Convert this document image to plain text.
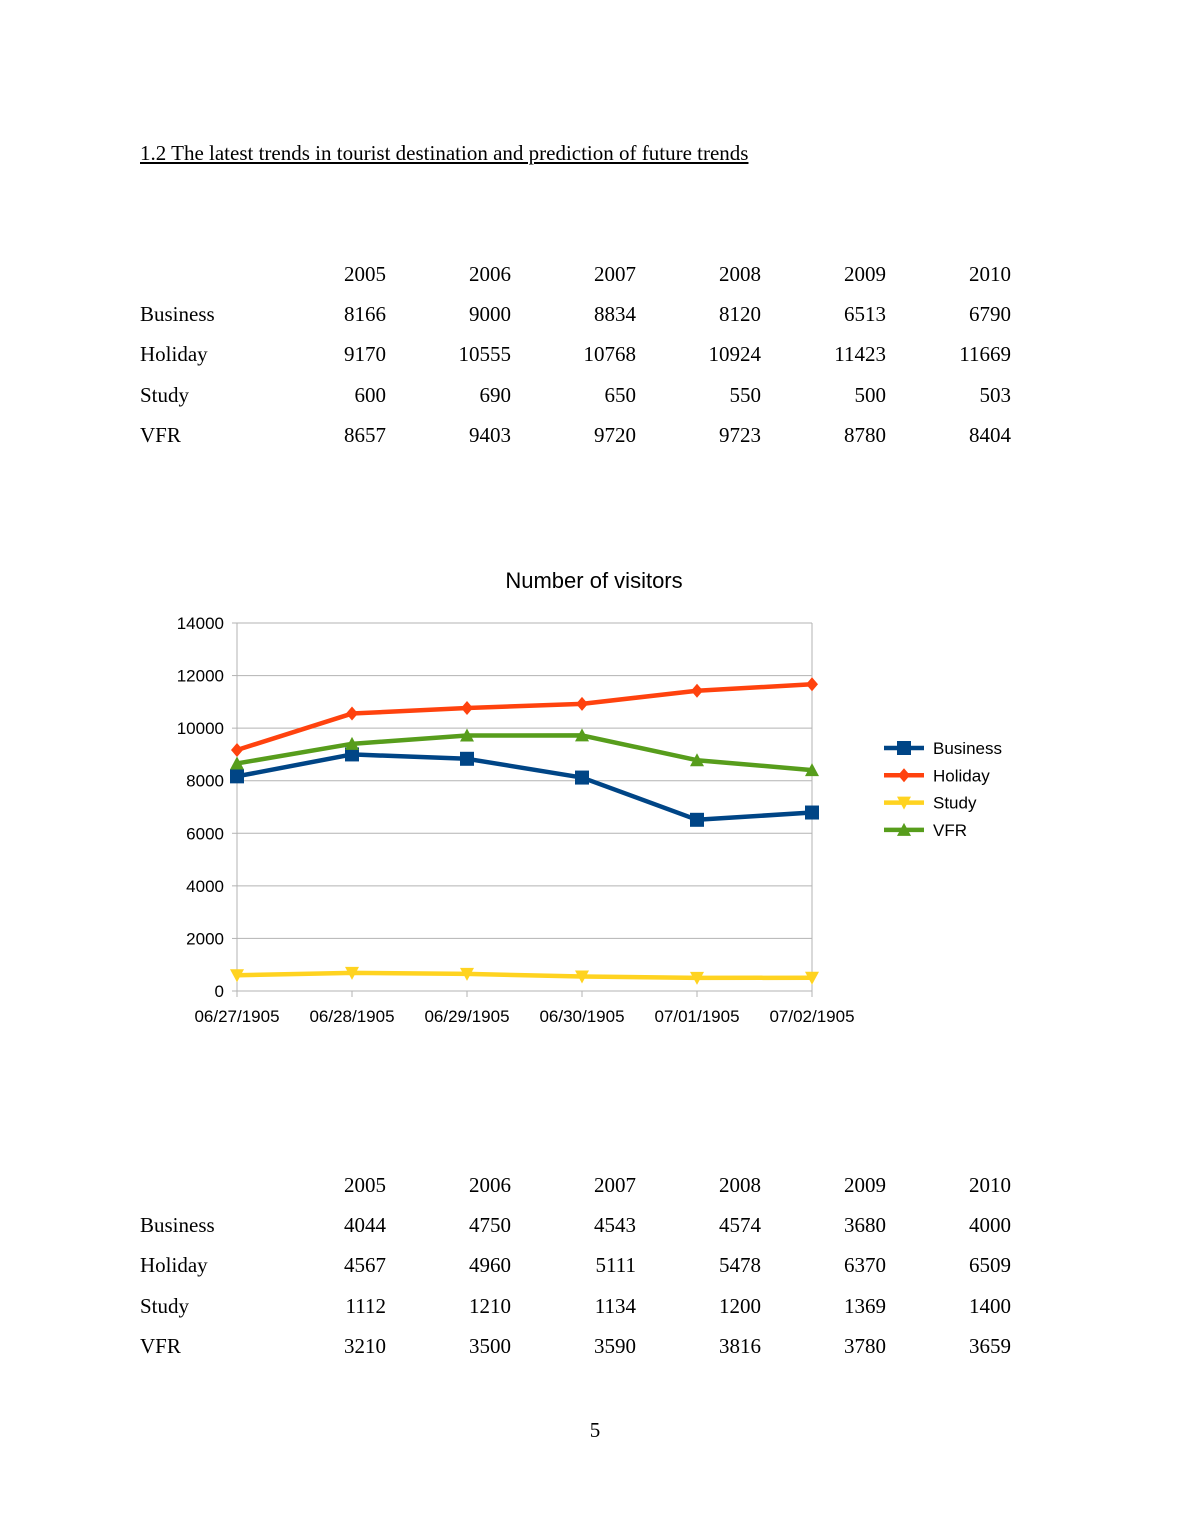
1.2 The latest trends in tourist destination and prediction of future trends
	2005	2006	2007	2008	2009	2010
Business	8166	9000	8834	8120	6513	6790
Holiday	9170	10555	10768	10924	11423	11669
Study	600	690	650	550	500	503
VFR	8657	9403	9720	9723	8780	8404
Number of visitors
0
2000
4000
6000
8000
10000
12000
14000
06/27/1905 06/28/1905 06/29/1905 06/30/1905 07/01/1905 07/02/1905
Business
Holiday
Study
VFR
	2005	2006	2007	2008	2009	2010
Business	4044	4750	4543	4574	3680	4000
Holiday	4567	4960	5111	5478	6370	6509
Study	1112	1210	1134	1200	1369	1400
VFR	3210	3500	3590	3816	3780	3659
5
